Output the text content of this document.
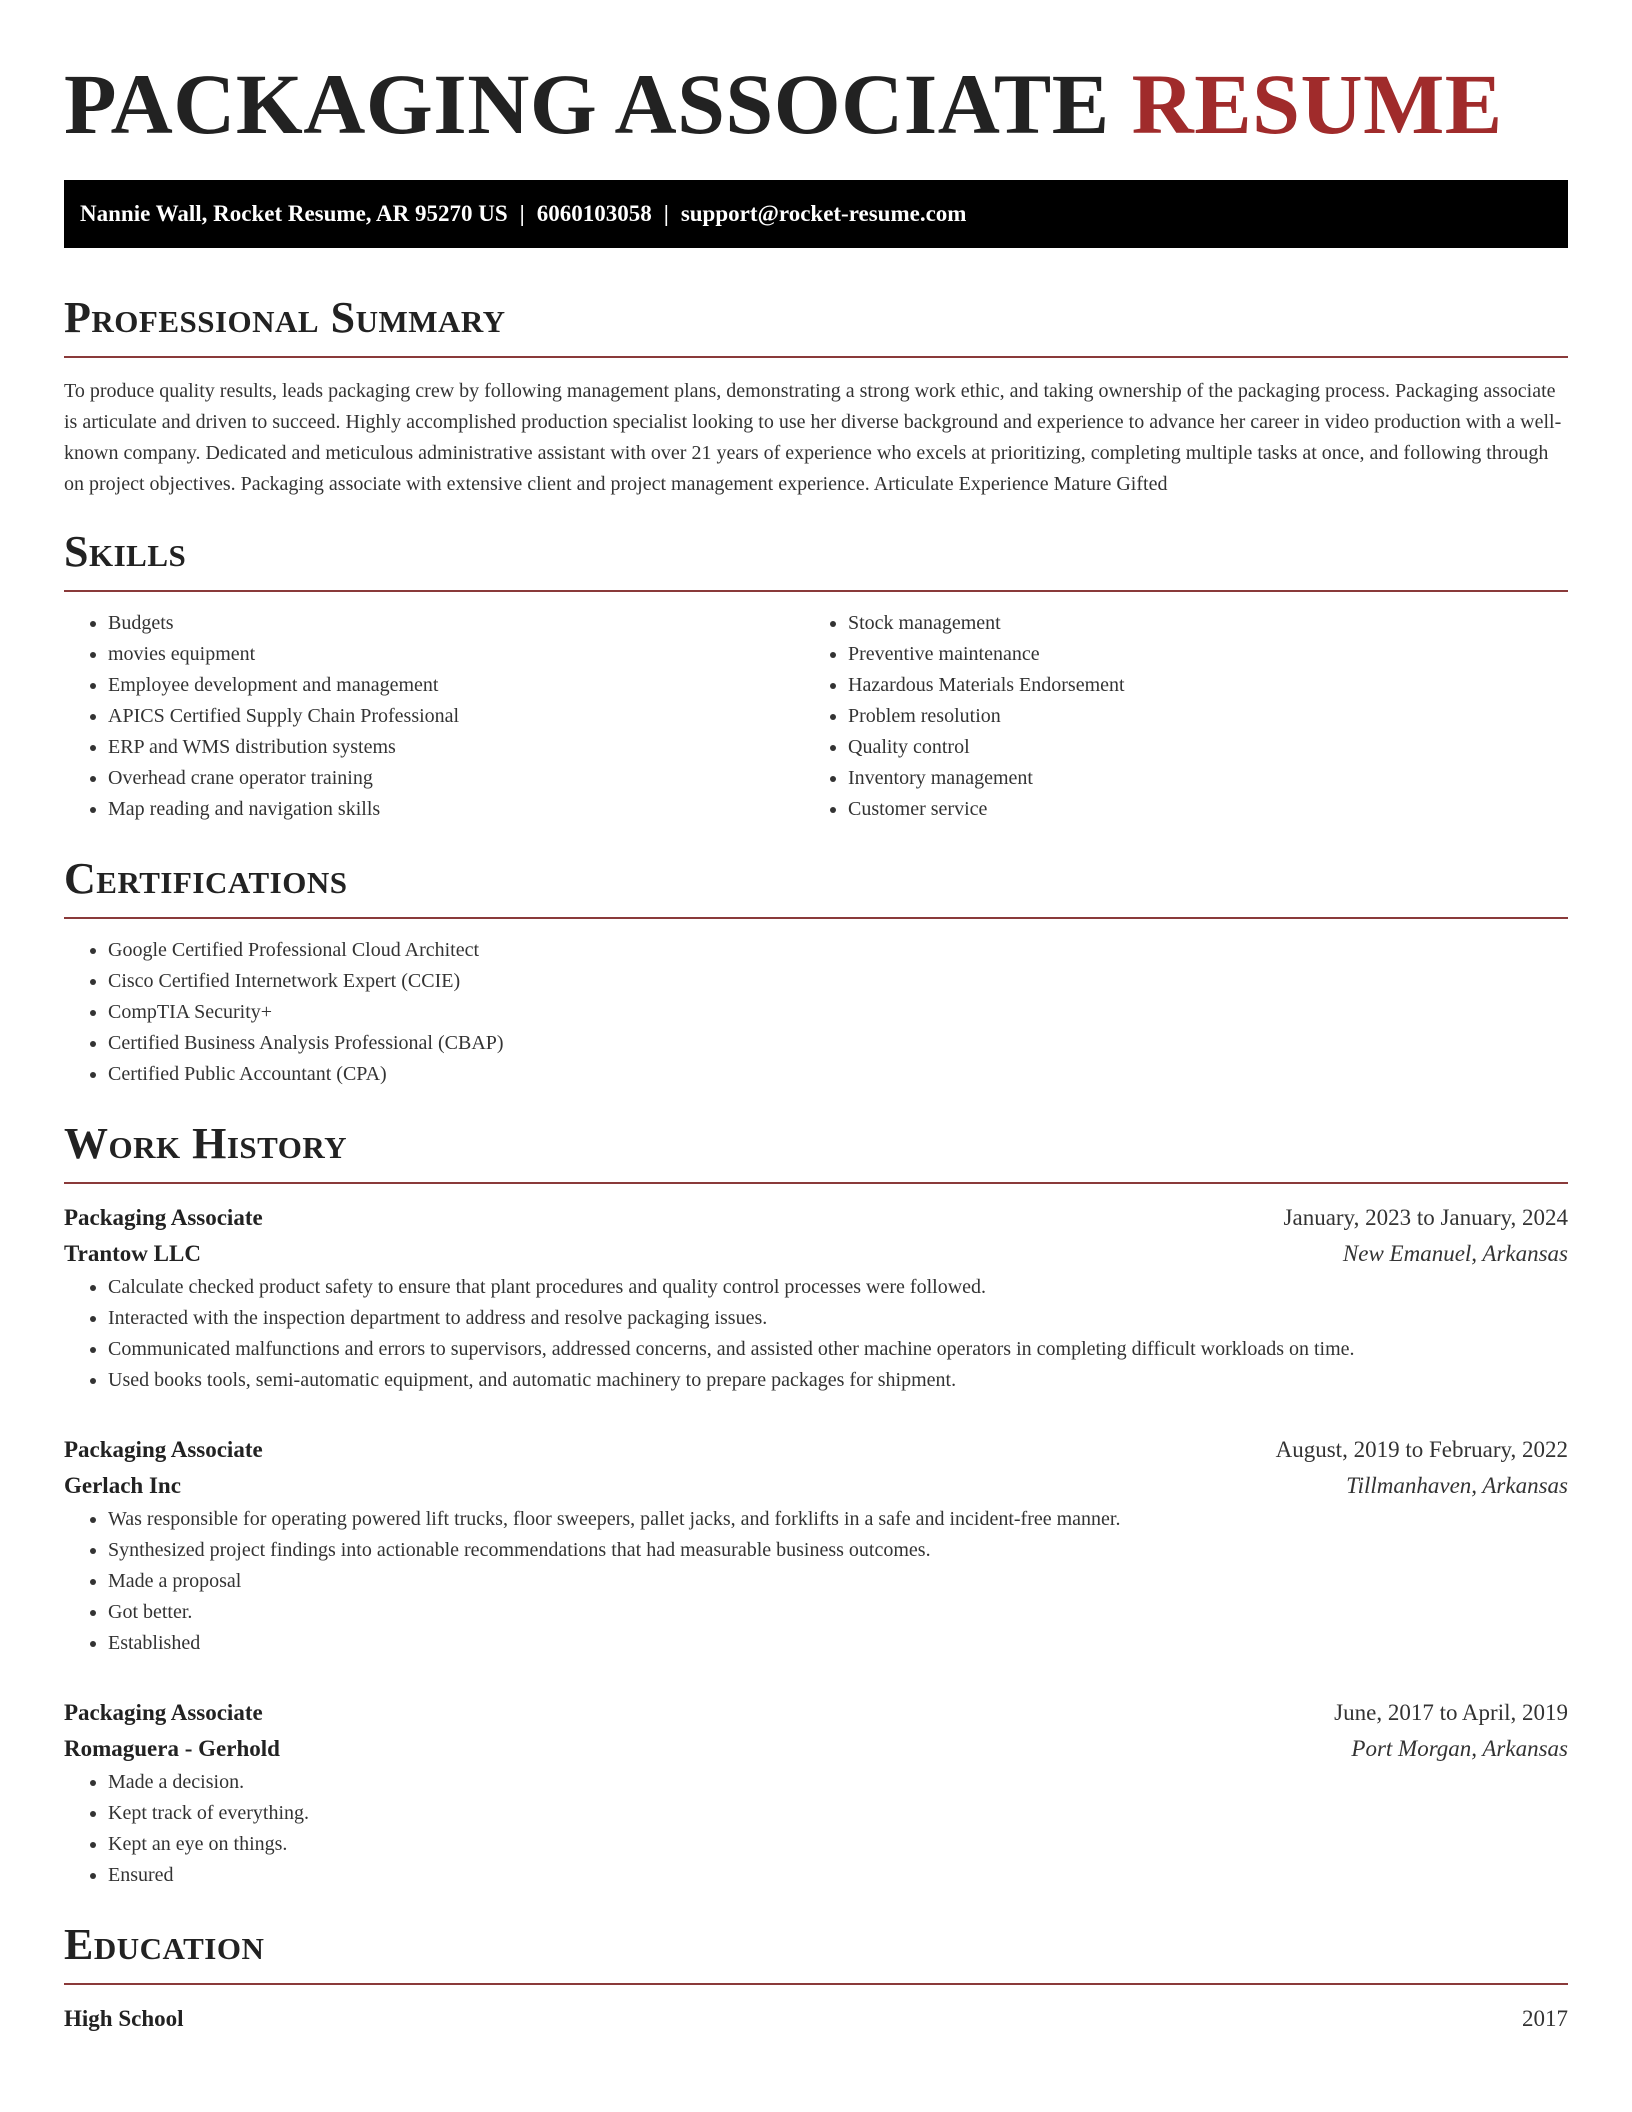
PACKAGING ASSOCIATE RESUME
Nannie Wall, Rocket Resume, AR 95270 US | 6060103058 | support@rocket-resume.com
Professional Summary

To produce quality results, leads packaging crew by following management plans, demonstrating a strong work ethic, and taking ownership of the packaging process. Packaging associate is articulate and driven to succeed. Highly accomplished production specialist looking to use her diverse background and experience to advance her career in video production with a well-known company. Dedicated and meticulous administrative assistant with over 21 years of experience who excels at prioritizing, completing multiple tasks at once, and following through on project objectives. Packaging associate with extensive client and project management experience. Articulate Experience Mature Gifted

Skills
• Budgets
• movies equipment
• Employee development and management
• APICS Certified Supply Chain Professional
• ERP and WMS distribution systems
• Overhead crane operator training
• Map reading and navigation skills
• Stock management
• Preventive maintenance
• Hazardous Materials Endorsement
• Problem resolution
• Quality control
• Inventory management
• Customer service
Certifications
• Google Certified Professional Cloud Architect
• Cisco Certified Internetwork Expert (CCIE)
• CompTIA Security+
• Certified Business Analysis Professional (CBAP)
• Certified Public Accountant (CPA)
Work History
Packaging Associate	January, 2023 to January, 2024
Trantow LLC	New Emanuel, Arkansas
• Calculate checked product safety to ensure that plant procedures and quality control processes were followed.
• Interacted with the inspection department to address and resolve packaging issues.
• Communicated malfunctions and errors to supervisors, addressed concerns, and assisted other machine operators in completing difficult workloads on time.
• Used books tools, semi-automatic equipment, and automatic machinery to prepare packages for shipment.
Packaging Associate	August, 2019 to February, 2022
Gerlach Inc	Tillmanhaven, Arkansas
• Was responsible for operating powered lift trucks, floor sweepers, pallet jacks, and forklifts in a safe and incident-free manner.
• Synthesized project findings into actionable recommendations that had measurable business outcomes.
• Made a proposal
• Got better.
• Established
Packaging Associate	June, 2017 to April, 2019
Romaguera - Gerhold	Port Morgan, Arkansas
• Made a decision.
• Kept track of everything.
• Kept an eye on things.
• Ensured
Education
High School	2017
